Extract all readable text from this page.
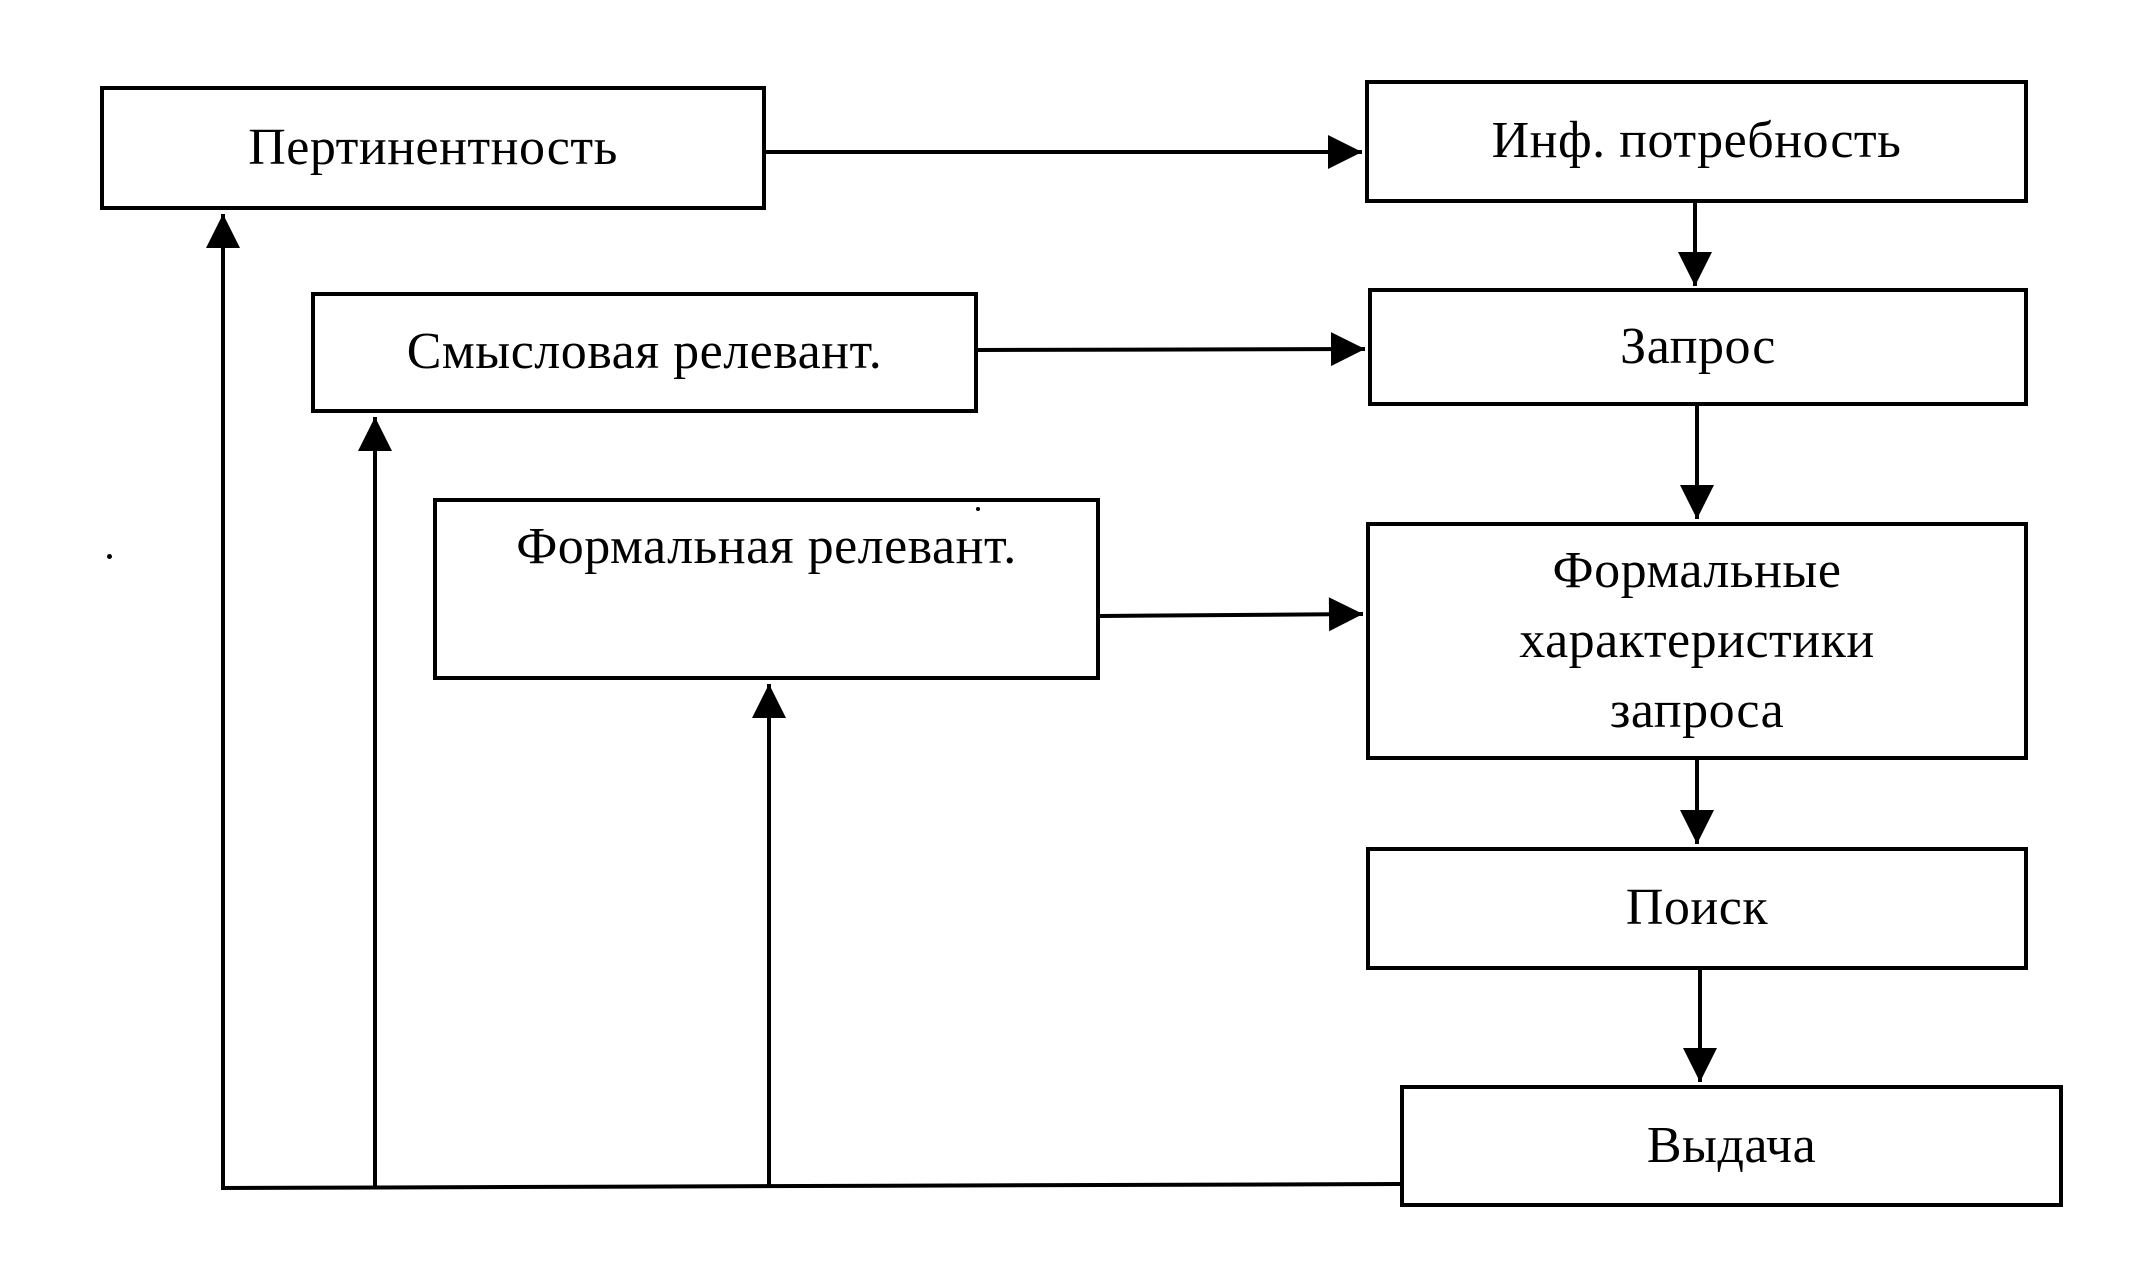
Пертинентность	Инф. потребность
Смысловая релевант.	Запрос
Формальная релевант.	Формальные характеристики запроса
Поиск
Выдача
